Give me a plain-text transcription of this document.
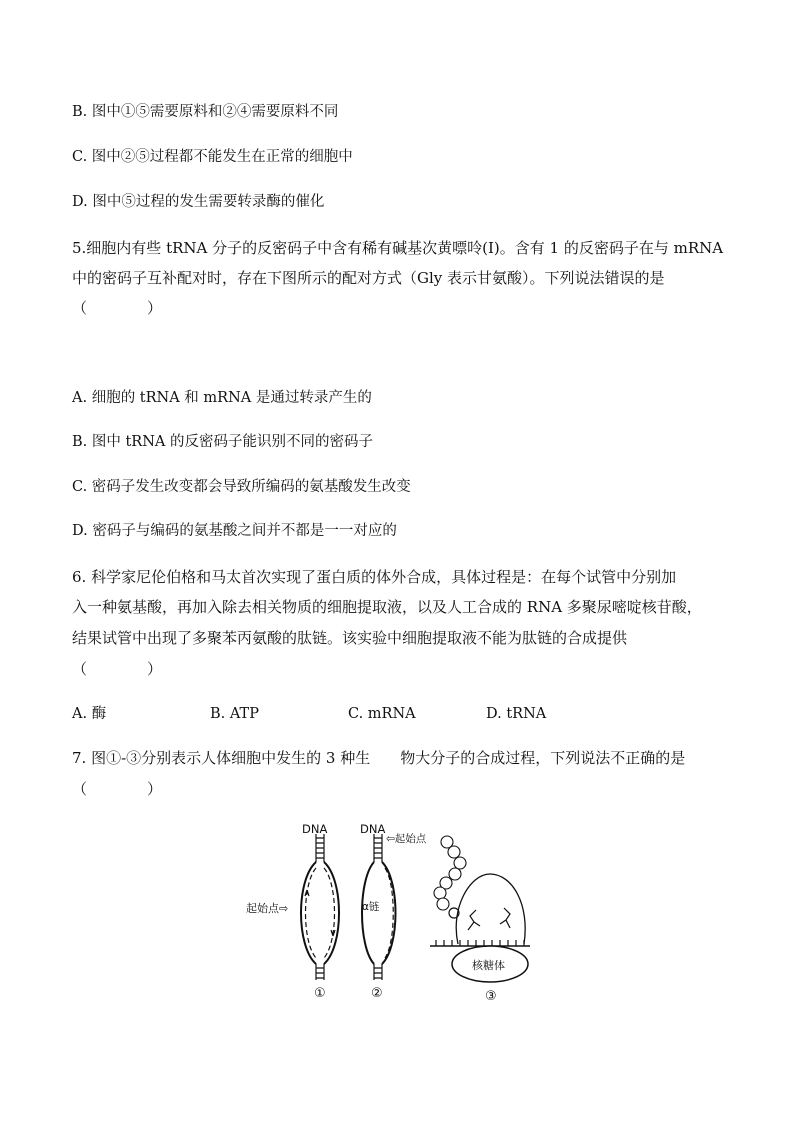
B. 图中①⑤需要原料和②④需要原料不同
C. 图中②⑤过程都不能发生在正常的细胞中
D. 图中⑤过程的发生需要转录酶的催化
5.细胞内有些 tRNA 分子的反密码子中含有稀有碱基次黄嘌呤(I)。含有 1 的反密码子在与 mRNA
中的密码子互补配对时，存在下图所示的配对方式（Gly 表示甘氨酸）。下列说法错误的是
（　　　　）
A. 细胞的 tRNA 和 mRNA 是通过转录产生的
B. 图中 tRNA 的反密码子能识别不同的密码子
C. 密码子发生改变都会导致所编码的氨基酸发生改变
D. 密码子与编码的氨基酸之间并不都是一一对应的
6. 科学家尼伦伯格和马太首次实现了蛋白质的体外合成，具体过程是：在每个试管中分别加
入一种氨基酸，再加入除去相关物质的细胞提取液，以及人工合成的 RNA 多聚尿嘧啶核苷酸，
结果试管中出现了多聚苯丙氨酸的肽链。该实验中细胞提取液不能为肽链的合成提供
（　　　　）
A. 酶	B. ATP	C. mRNA	D. tRNA
7. 图①-③分别表示人体细胞中发生的 3 种生　　物大分子的合成过程，下列说法不正确的是
（　　　　）
DNA	DNA
⇦起始点
起始点⇨	α链
核糖体
①	②	③
